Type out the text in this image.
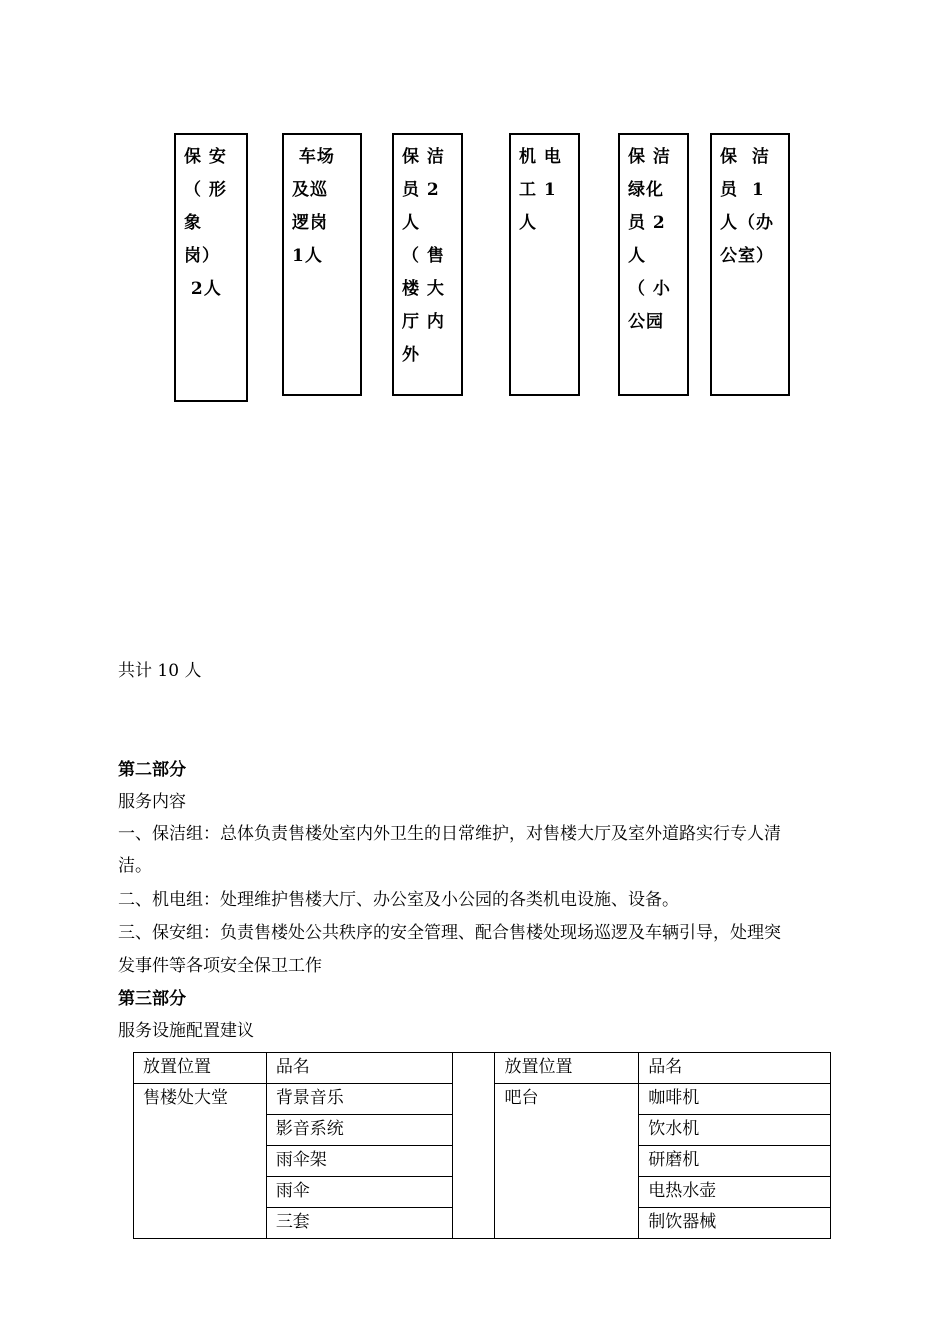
保 安
（ 形
象
岗）
2人
车场
及巡
逻岗
1人
保 洁
员 2
人
（ 售
楼 大
厅 内
外
机 电
工 1
人
保 洁
绿化
员 2
人
（ 小
公园
保  洁
员  1
人（办
公室）
共计 10 人
第二部分
服务内容
一、保洁组：总体负责售楼处室内外卫生的日常维护，对售楼大厅及室外道路实行专人清
洁。
二、机电组：处理维护售楼大厅、办公室及小公园的各类机电设施、设备。
三、保安组：负责售楼处公共秩序的安全管理、配合售楼处现场巡逻及车辆引导，处理突
发事件等各项安全保卫工作
第三部分
服务设施配置建议
放置位置	品名		放置位置	品名
售楼处大堂	背景音乐		吧台	咖啡机
	影音系统			饮水机
	雨伞架			研磨机
	雨伞			电热水壶
	三套			制饮器械
